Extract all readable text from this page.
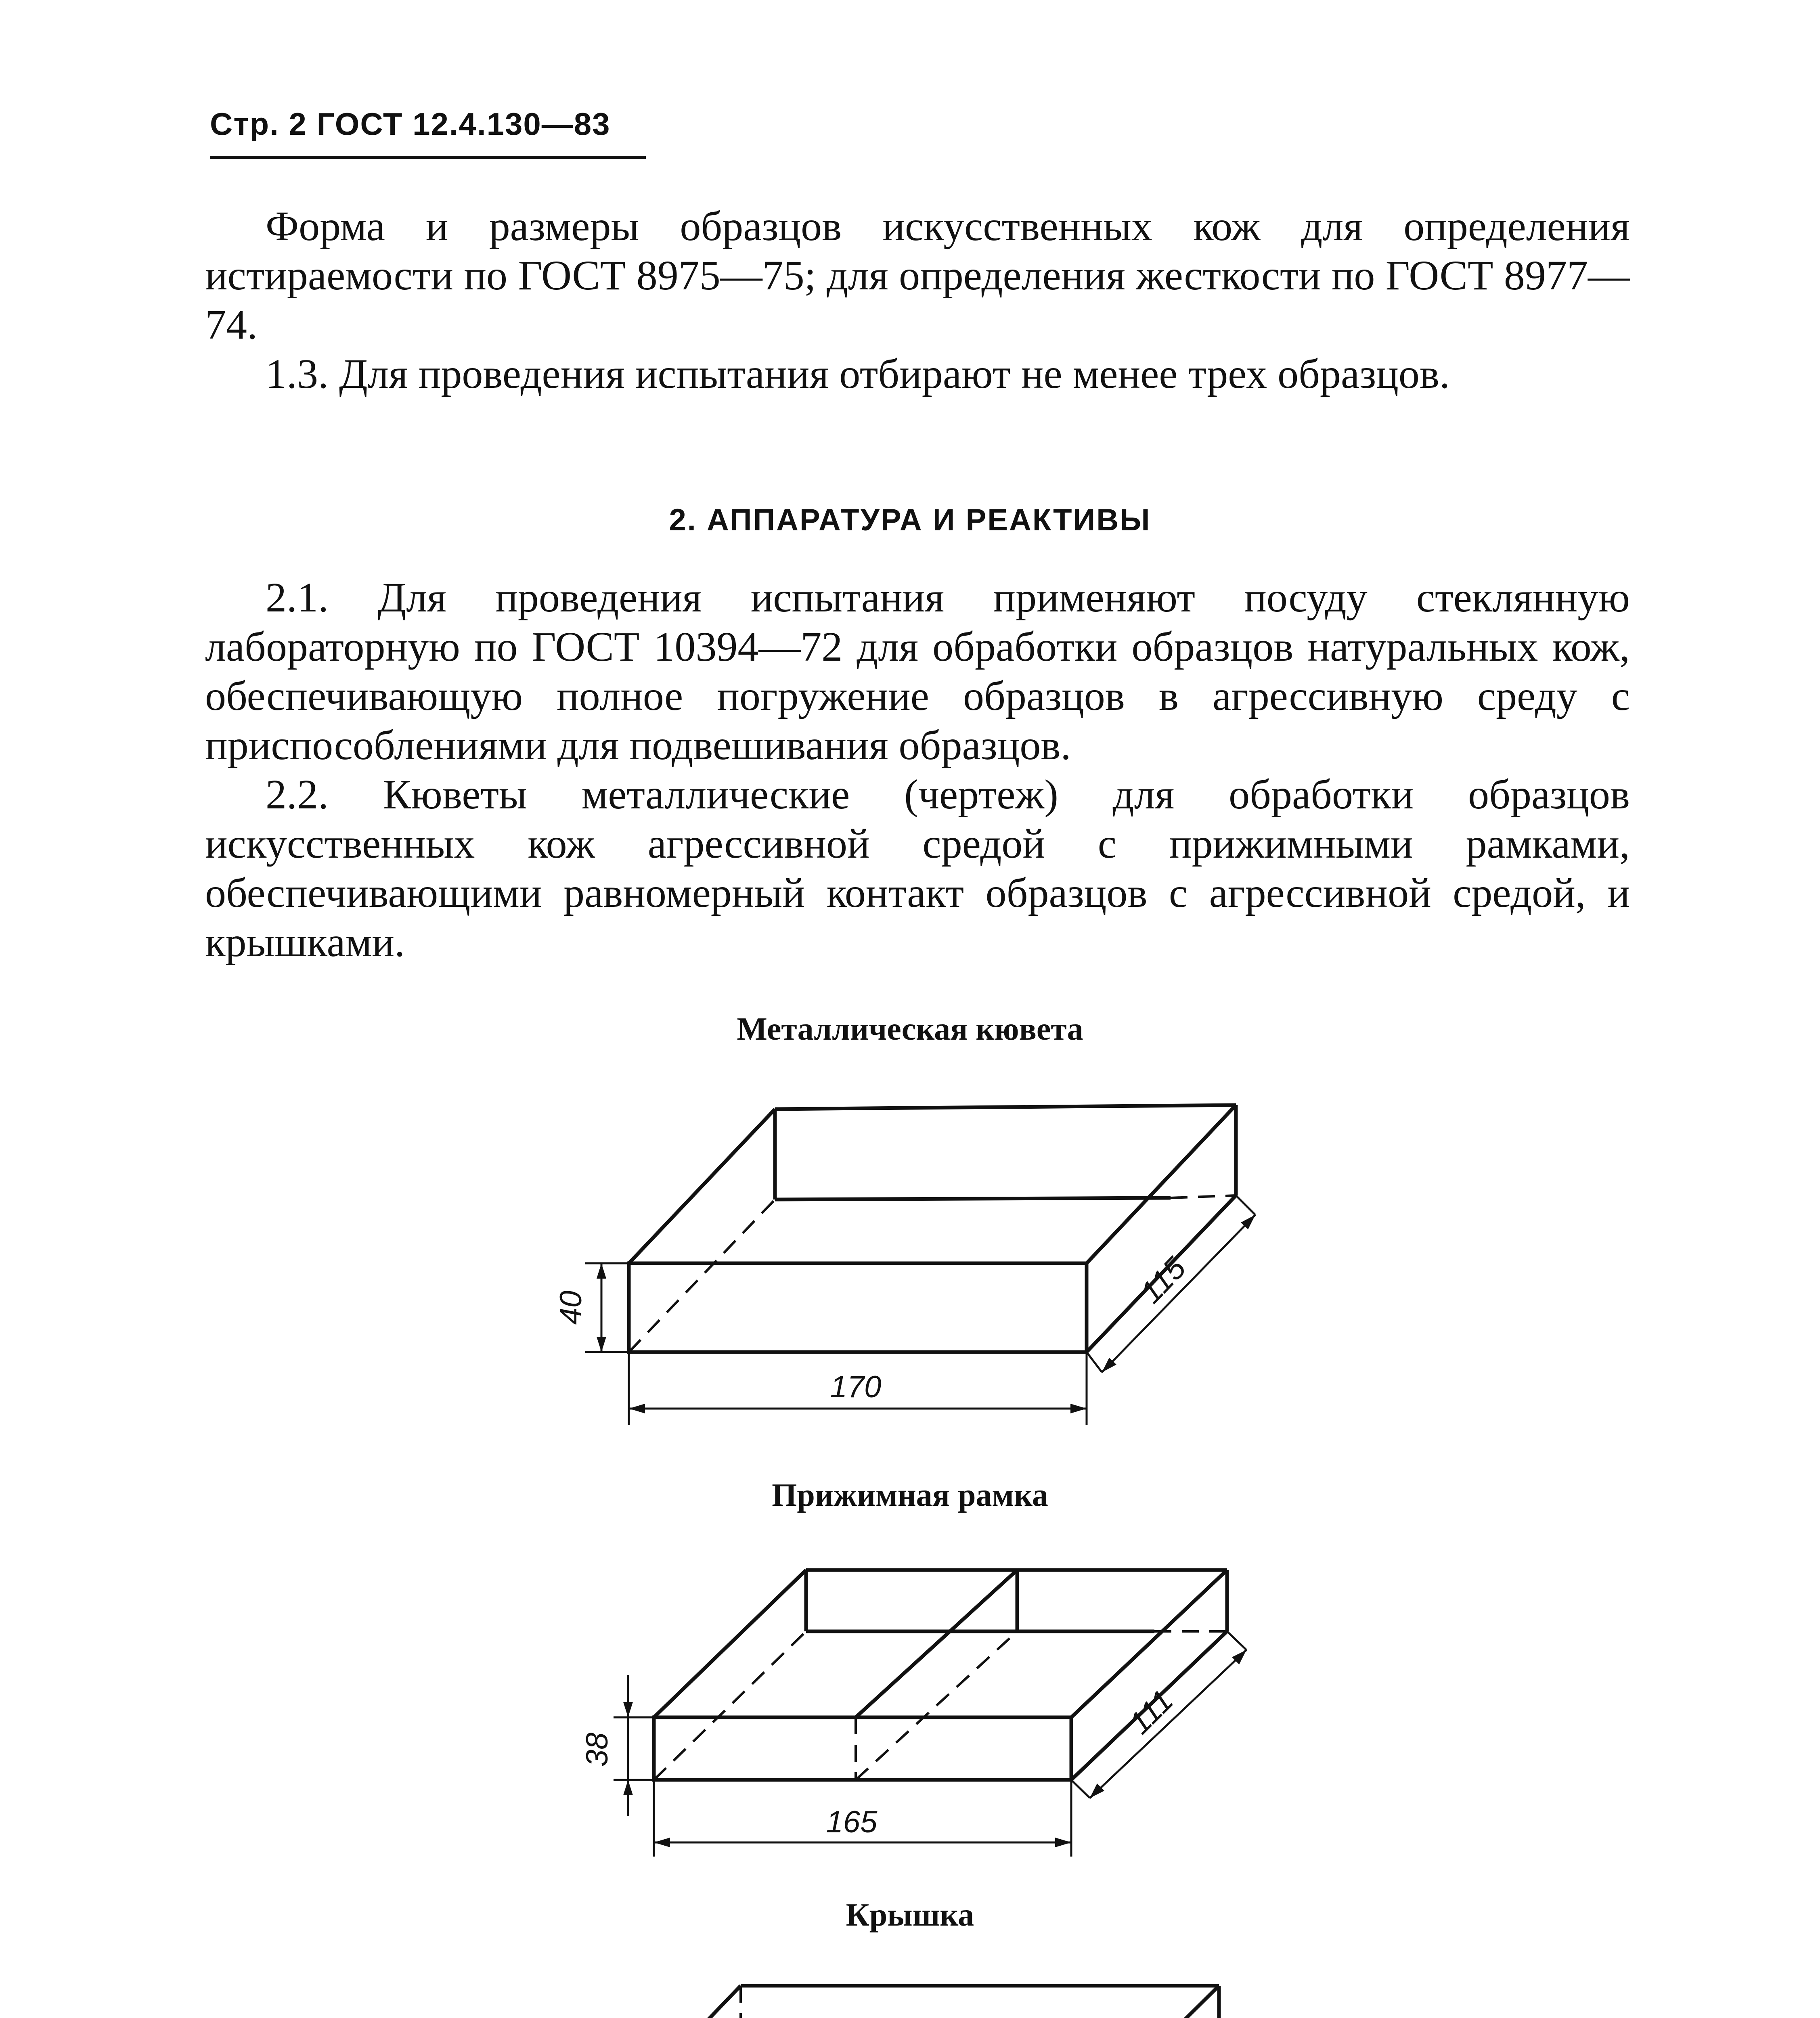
Стр. 2 ГОСТ 12.4.130—83

Форма и размеры образцов искусственных кож для определения истираемости по ГОСТ 8975—75; для определения жесткости по ГОСТ 8977—74.

1.3. Для проведения испытания отбирают не менее трех образцов.

2. АППАРАТУРА И РЕАКТИВЫ

2.1. Для проведения испытания применяют посуду стеклянную лабораторную по ГОСТ 10394—72 для обработки образцов натуральных кож, обеспечивающую полное погружение образцов в агрессивную среду с приспособлениями для подвешивания образцов.

2.2. Кюветы металлические (чертеж) для обработки образцов искусственных кож агрессивной средой с прижимными рамками, обеспечивающими равномерный контакт образцов с агрессивной средой, и крышками.

Металлическая кювета
Прижимная рамка
Крышка
40
170
115
38
165
111
